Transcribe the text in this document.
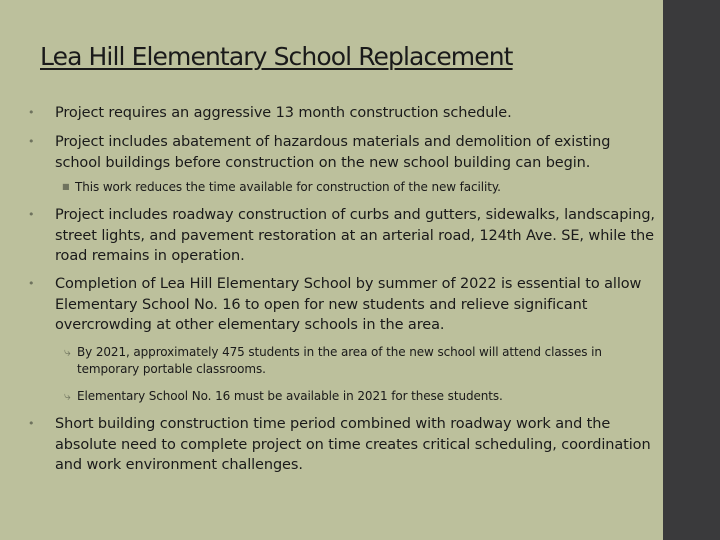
Lea Hill Elementary School Replacement
• Project requires an aggressive 13 month construction schedule.
• Project includes abatement of hazardous materials and demolition of existing school buildings before construction on the new school building can begin.
■ This work reduces the time available for construction of the new facility.
• Project includes roadway construction of curbs and gutters, sidewalks, landscaping, street lights, and pavement restoration at an arterial road, 124th Ave. SE, while the road remains in operation.
• Completion of Lea Hill Elementary School by summer of 2022 is essential to allow Elementary School No. 16 to open for new students and relieve significant overcrowding at other elementary schools in the area.
⤷ By 2021, approximately 475 students in the area of the new school will attend classes in temporary portable classrooms.
⤷ Elementary School No. 16 must be available in 2021 for these students.
• Short building construction time period combined with roadway work and the absolute need to complete project on time creates critical scheduling, coordination and work environment challenges.
